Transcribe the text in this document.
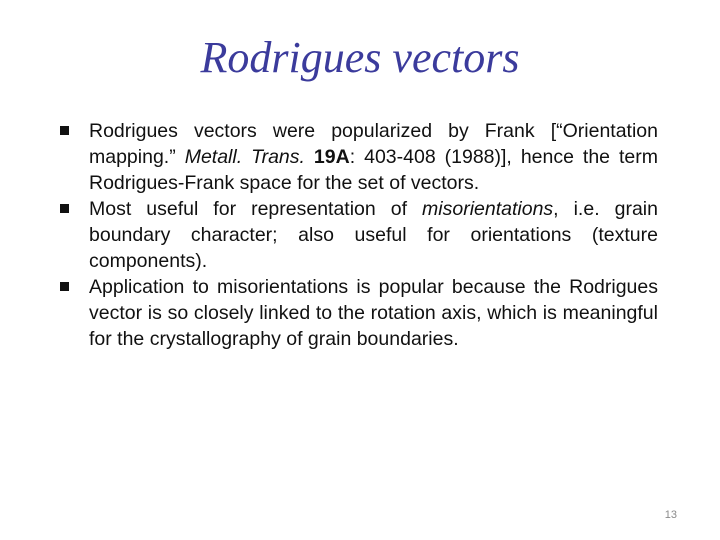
Rodrigues vectors
Rodrigues vectors were popularized by Frank [“Orientation mapping.” Metall. Trans. 19A: 403-408 (1988)], hence the term Rodrigues-Frank space for the set of vectors.
Most useful for representation of misorientations, i.e. grain boundary character; also useful for orientations (texture components).
Application to misorientations is popular because the Rodrigues vector is so closely linked to the rotation axis, which is meaningful for the crystallography of grain boundaries.
13
